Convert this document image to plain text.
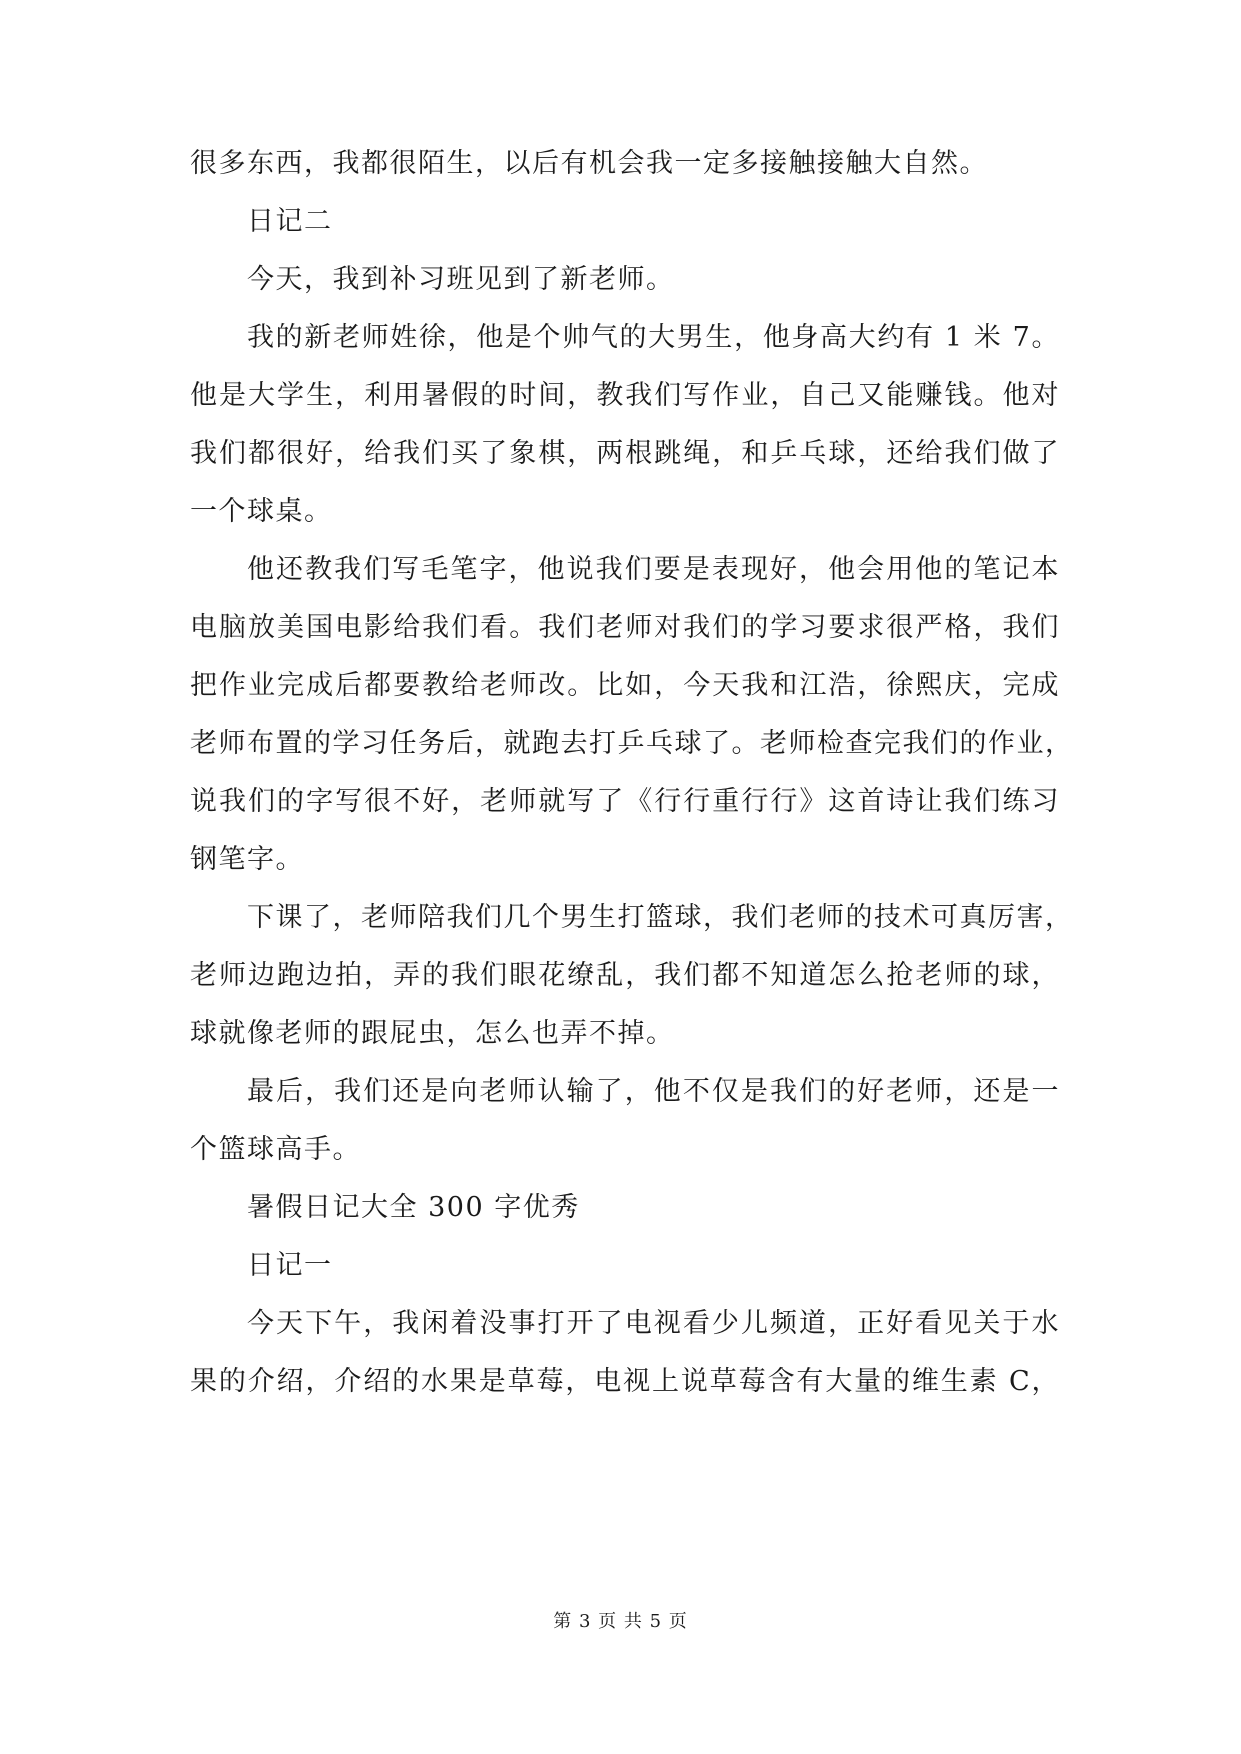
很多东西，我都很陌生，以后有机会我一定多接触接触大自然。
日记二
今天，我到补习班见到了新老师。
我的新老师姓徐，他是个帅气的大男生，他身高大约有 1 米 7。
他是大学生，利用暑假的时间，教我们写作业，自己又能赚钱。他对
我们都很好，给我们买了象棋，两根跳绳，和乒乓球，还给我们做了
一个球桌。
他还教我们写毛笔字，他说我们要是表现好，他会用他的笔记本
电脑放美国电影给我们看。我们老师对我们的学习要求很严格，我们
把作业完成后都要教给老师改。比如，今天我和江浩，徐熙庆，完成
老师布置的学习任务后，就跑去打乒乓球了。老师检查完我们的作业，
说我们的字写很不好，老师就写了《行行重行行》这首诗让我们练习
钢笔字。
下课了，老师陪我们几个男生打篮球，我们老师的技术可真厉害，
老师边跑边拍，弄的我们眼花缭乱，我们都不知道怎么抢老师的球，
球就像老师的跟屁虫，怎么也弄不掉。
最后，我们还是向老师认输了，他不仅是我们的好老师，还是一
个篮球高手。
暑假日记大全 300 字优秀
日记一
今天下午，我闲着没事打开了电视看少儿频道，正好看见关于水
果的介绍，介绍的水果是草莓，电视上说草莓含有大量的维生素 C，
第 3 页 共 5 页
